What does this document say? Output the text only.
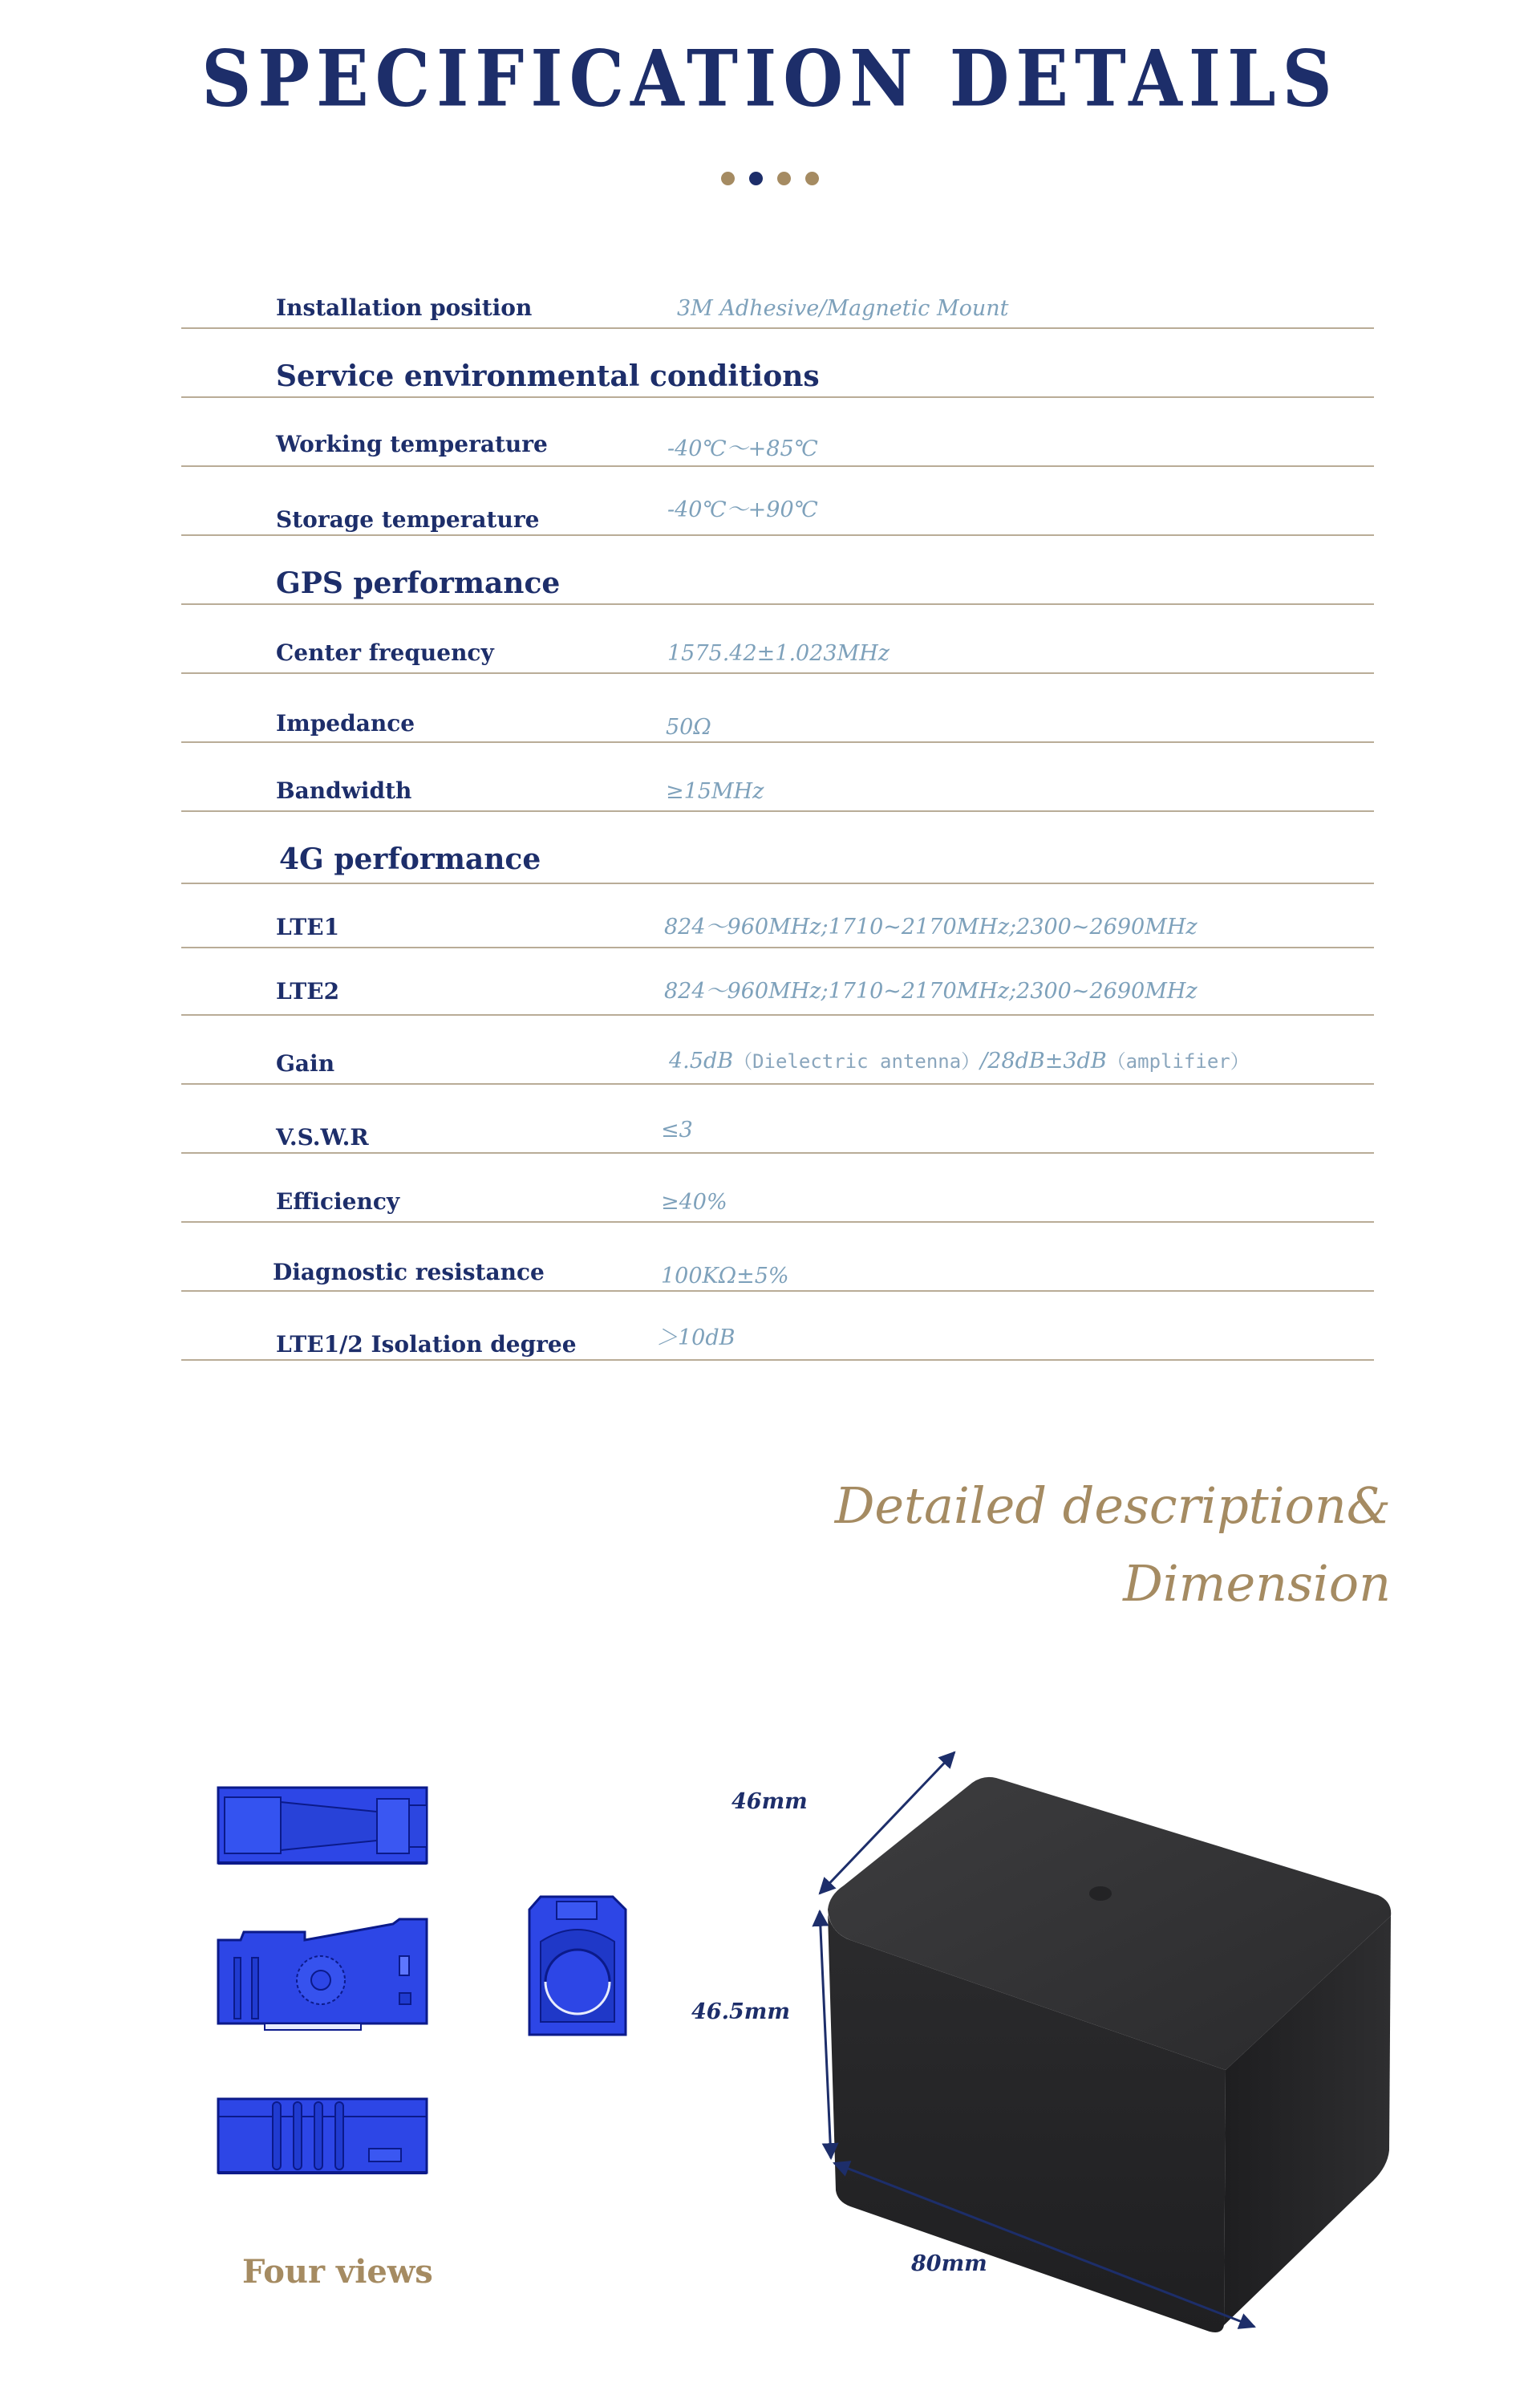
SPECIFICATION DETAILS
Installation position	3M Adhesive/Magnetic Mount
Service environmental conditions
Working temperature	-40℃～+85℃
Storage temperature	-40℃～+90℃
GPS performance
Center frequency	1575.42±1.023MHz
Impedance	50Ω
Bandwidth	≥15MHz
4G performance
LTE1	824～960MHz;1710~2170MHz;2300~2690MHz
LTE2	824～960MHz;1710~2170MHz;2300~2690MHz
Gain	4.5dB（Dielectric antenna）/28dB±3dB（amplifier）
V.S.W.R	≤3
Efficiency	≥40%
Diagnostic resistance	100KΩ±5%
LTE1/2 Isolation degree	＞10dB
Detailed description&
Dimension
Four views
46mm
46.5mm
80mm
